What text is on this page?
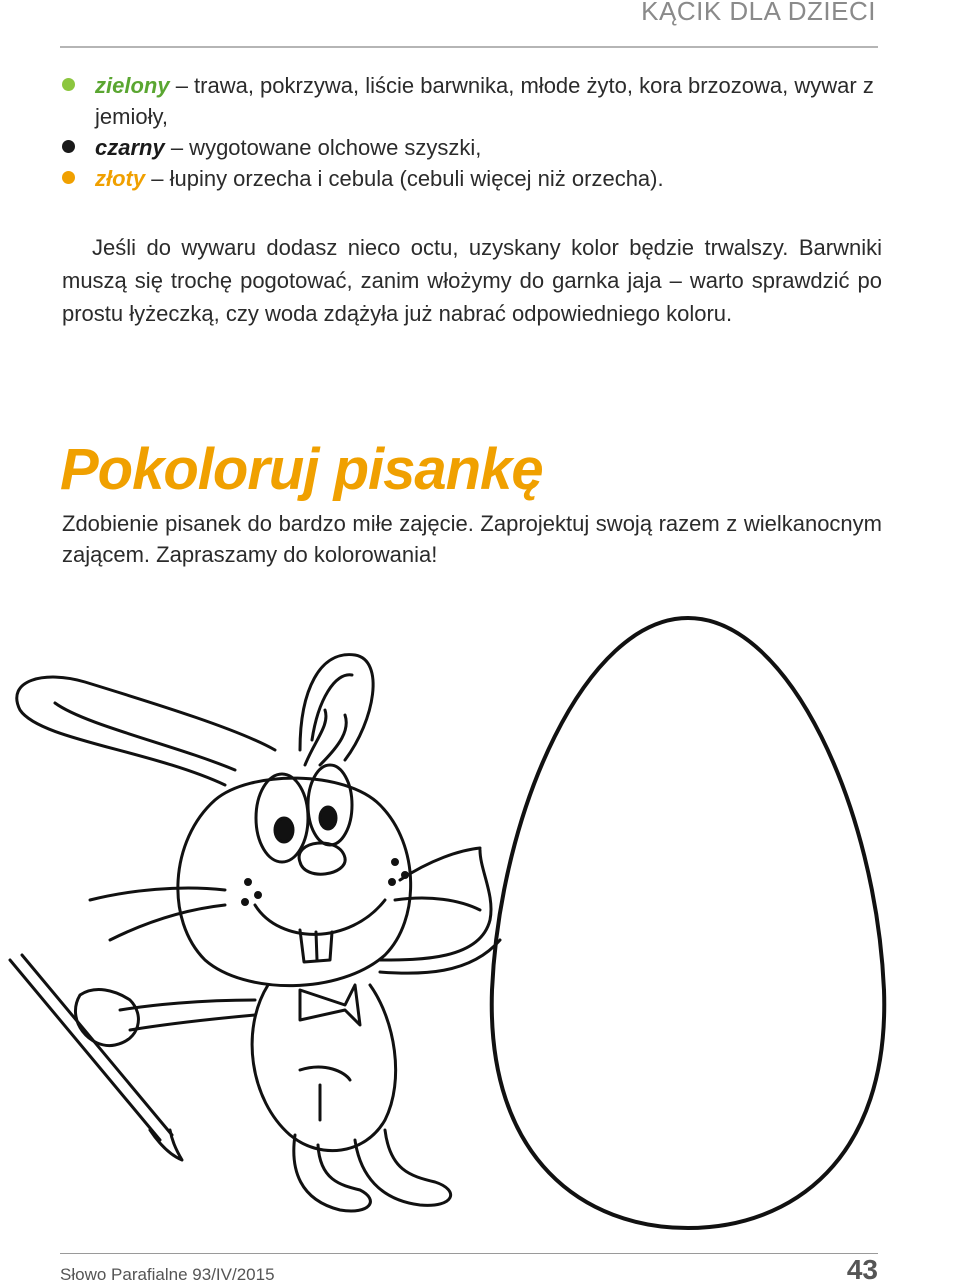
KĄCIK DLA DZIECI
zielony – trawa, pokrzywa, liście barwnika, młode żyto, kora brzozowa, wywar z jemioły,
czarny – wygotowane olchowe szyszki,
złoty – łupiny orzecha i cebula (cebuli więcej niż orzecha).

Jeśli do wywaru dodasz nieco octu, uzyskany kolor będzie trwalszy. Barwniki muszą się trochę pogotować, zanim włożymy do garnka jaja – warto sprawdzić po prostu łyżeczką, czy woda zdążyła już nabrać odpowiedniego koloru.

Pokoloruj pisankę

Zdobienie pisanek do bardzo miłe zajęcie. Zaprojektuj swoją razem z wielkanocnym zającem. Zapraszamy do kolorowania!

Słowo Parafialne 93/IV/2015	43
